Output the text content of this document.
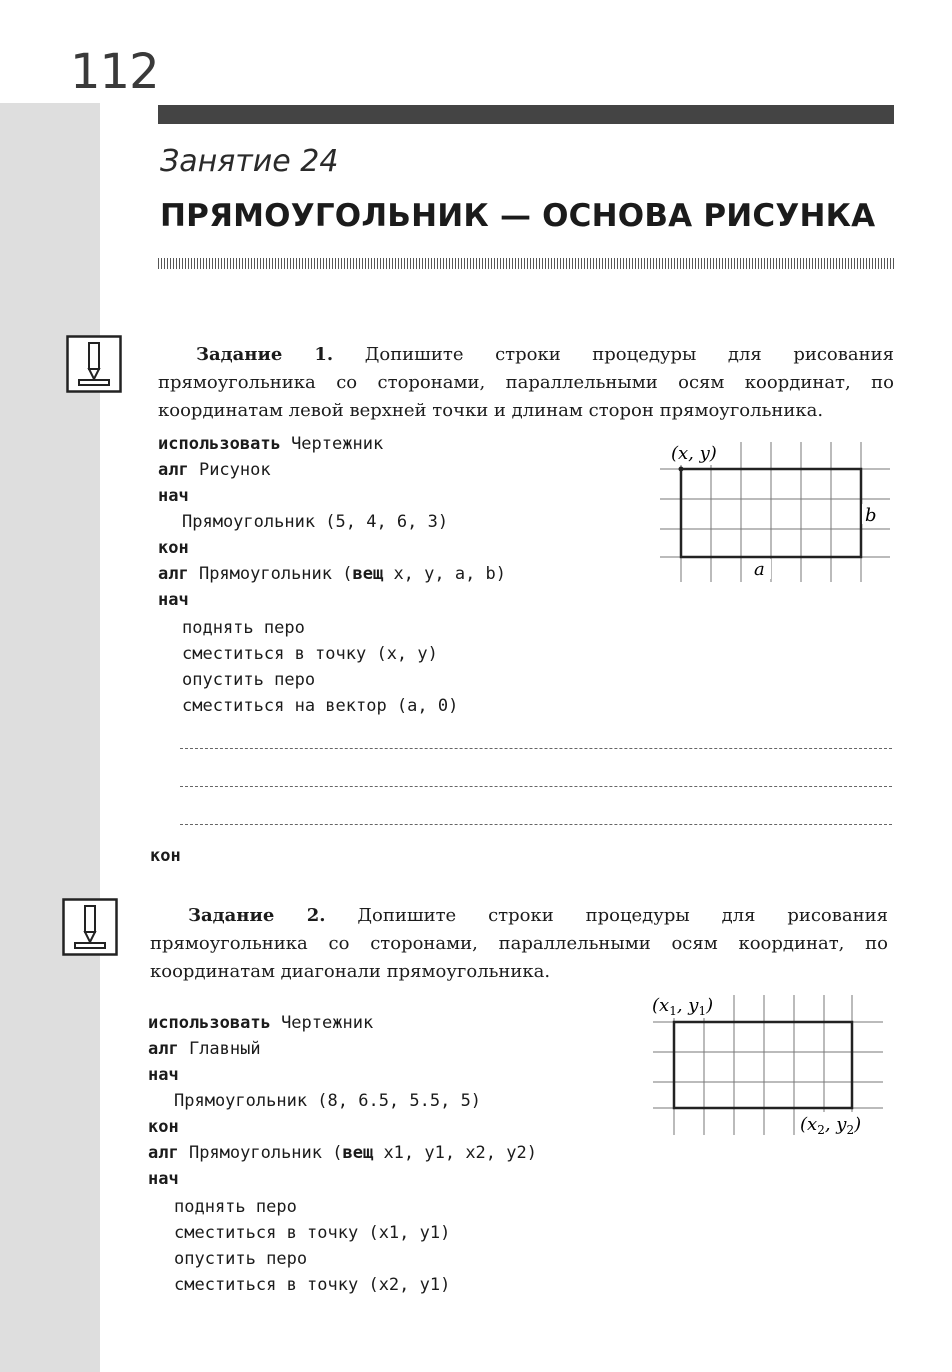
112
Занятие 24
ПРЯМОУГОЛЬНИК — ОСНОВА РИСУНКА
Задание 1. Допишите строки процедуры для рисования прямоугольника со сторонами, параллельными осям координат, по координатам левой верхней точки и длинам сторон прямоугольника.
использовать Чертежник
алг Рисунок
нач
Прямоугольник (5, 4, 6, 3)
кон
алг Прямоугольник (вещ x, y, a, b)
нач
поднять перо
сместиться в точку (x, y)
опустить перо
сместиться на вектор (a, 0)
кон
(x, y)
b
a
Задание 2. Допишите строки процедуры для рисования прямоугольника со сторонами, параллельными осям координат, по координатам диагонали прямоугольника.
($x_1$, $y_1$)
($x_2$, $y_2$)
использовать Чертежник
алг Главный
нач
Прямоугольник (8, 6.5, 5.5, 5)
кон
алг Прямоугольник (вещ x1, y1, x2, y2)
нач
поднять перо
сместиться в точку (x1, y1)
опустить перо
сместиться в точку (x2, y1)
